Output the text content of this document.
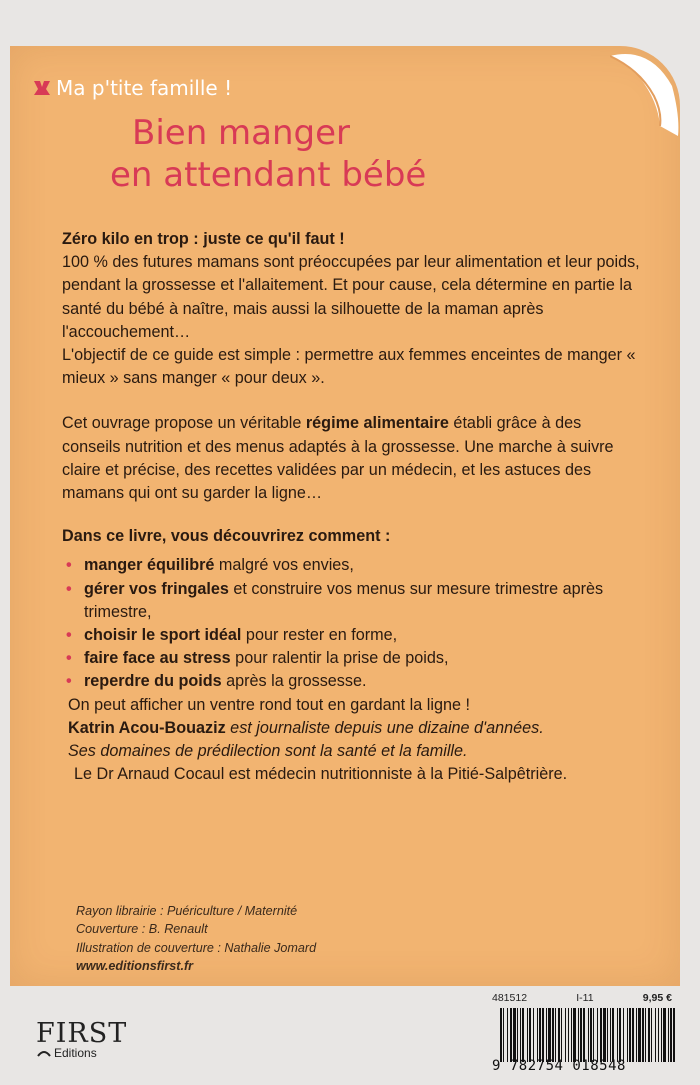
Ma p'tite famille !
Bien manger
en attendant bébé

Zéro kilo en trop : juste ce qu'il faut !

100 % des futures mamans sont préoccupées par leur alimentation et leur poids, pendant la grossesse et l'allaitement. Et pour cause, cela détermine en partie la santé du bébé à naître, mais aussi la silhouette de la maman après l'accouchement…

L'objectif de ce guide est simple : permettre aux femmes enceintes de manger « mieux » sans manger « pour deux ».

Cet ouvrage propose un véritable régime alimentaire établi grâce à des conseils nutrition et des menus adaptés à la grossesse. Une marche à suivre claire et précise, des recettes validées par un médecin, et les astuces des mamans qui ont su garder la ligne…

Dans ce livre, vous découvrirez comment :

• manger équilibré malgré vos envies,
• gérer vos fringales et construire vos menus sur mesure trimestre après trimestre,
• choisir le sport idéal pour rester en forme,
• faire face au stress pour ralentir la prise de poids,
• reperdre du poids après la grossesse.

On peut afficher un ventre rond tout en gardant la ligne !

Katrin Acou-Bouaziz est journaliste depuis une dizaine d'années.
Ses domaines de prédilection sont la santé et la famille.

Le Dr Arnaud Cocaul est médecin nutritionniste à la Pitié-Salpêtrière.

Rayon librairie : Puériculture / Maternité
Couverture : B. Renault
Illustration de couverture : Nathalie Jomard
www.editionsfirst.fr
481512	I-11	9,95 €
9 782754 018548
FIRST
Editions
